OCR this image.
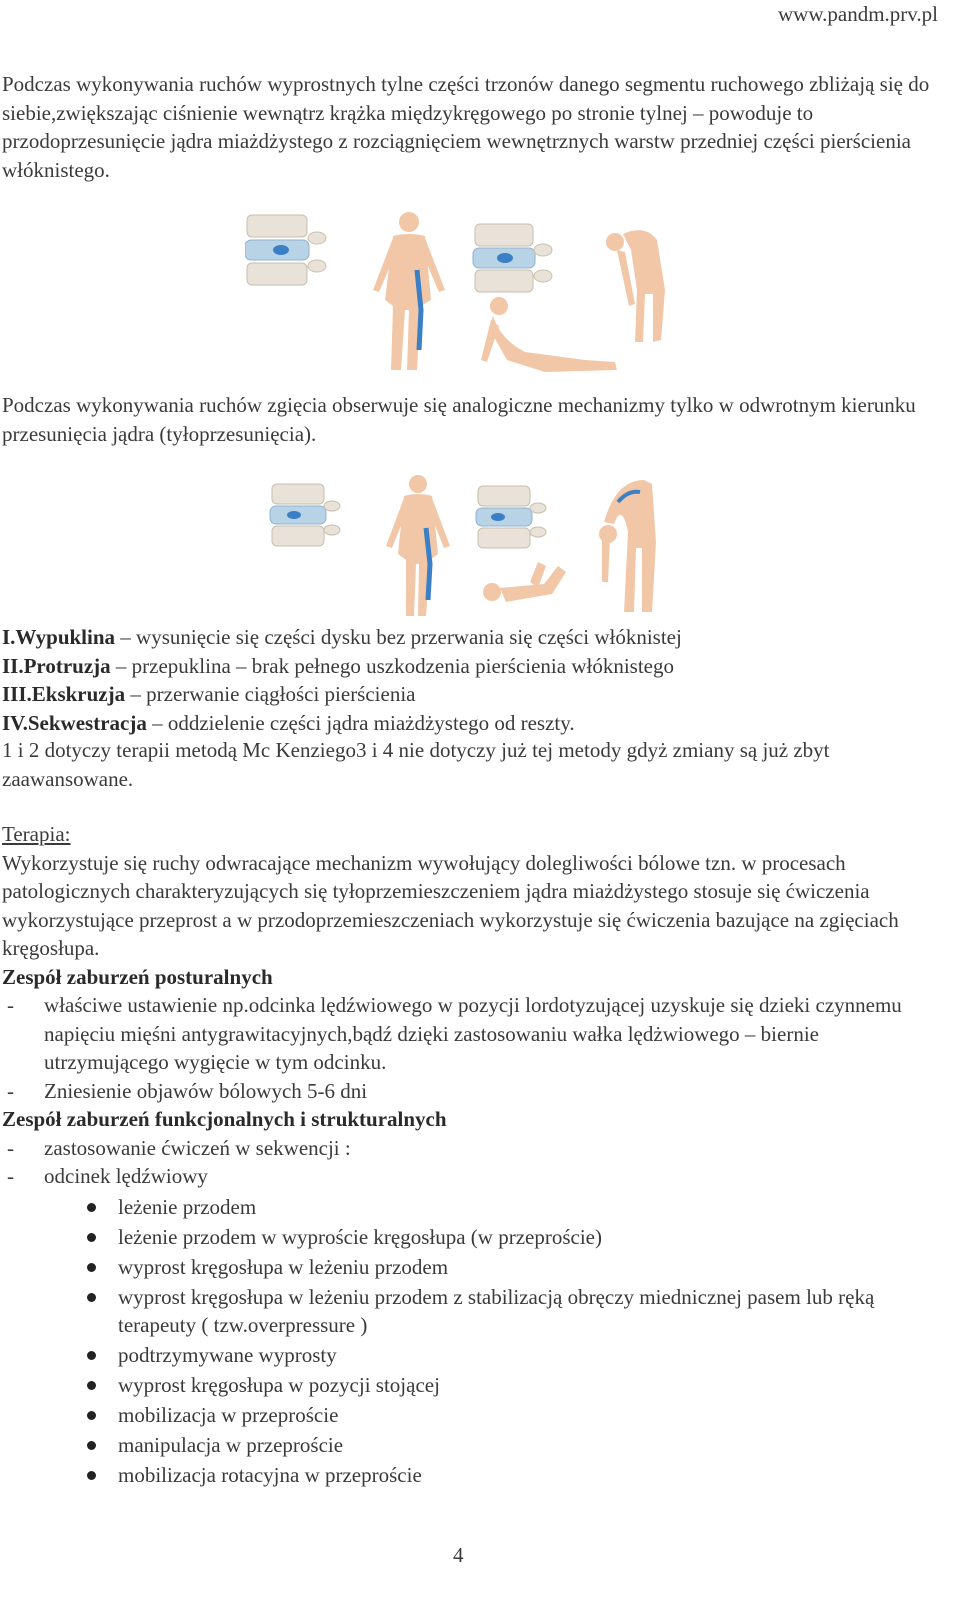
www.pandm.prv.pl

Podczas wykonywania ruchów wyprostnych tylne części trzonów danego segmentu ruchowego zbliżają się do siebie,zwiększając ciśnienie wewnątrz krążka międzykręgowego po stronie tylnej – powoduje to przodoprzesunięcie jądra miażdżystego z rozciągnięciem wewnętrznych warstw przedniej części pierścienia włóknistego.

Podczas wykonywania ruchów zgięcia obserwuje się analogiczne mechanizmy tylko w odwrotnym kierunku przesunięcia jądra (tyłoprzesunięcia).

I.Wypuklina – wysunięcie się części dysku bez przerwania się części włóknistej
II.Protruzja – przepuklina – brak pełnego uszkodzenia pierścienia włóknistego
III.Ekskruzja – przerwanie ciągłości pierścienia
IV.Sekwestracja – oddzielenie części jądra miażdżystego od reszty.
1 i 2 dotyczy terapii metodą Mc Kenziego3 i 4 nie dotyczy już tej metody gdyż zmiany są już zbyt zaawansowane.
Terapia:
Wykorzystuje się ruchy odwracające mechanizm wywołujący dolegliwości bólowe tzn. w procesach patologicznych charakteryzujących się tyłoprzemieszczeniem jądra miażdżystego stosuje się ćwiczenia wykorzystujące przeprost a w przodoprzemieszczeniach wykorzystuje się ćwiczenia bazujące na zgięciach kręgosłupa.
Zespół zaburzeń posturalnych
- właściwe ustawienie np.odcinka lędźwiowego w pozycji lordotyzującej uzyskuje się dzieki czynnemu napięciu mięśni antygrawitacyjnych,bądź dzięki zastosowaniu wałka lędżwiowego – biernie utrzymującego wygięcie w tym odcinku.
- Zniesienie objawów bólowych 5-6 dni
Zespół zaburzeń funkcjonalnych i strukturalnych
- zastosowanie ćwiczeń w sekwencji :
- odcinek lędźwiowy
leżenie przodem
leżenie przodem w wyproście kręgosłupa (w przeproście)
wyprost kręgosłupa w leżeniu przodem
wyprost kręgosłupa w leżeniu przodem z stabilizacją obręczy miednicznej pasem lub ręką terapeuty ( tzw.overpressure )
podtrzymywane wyprosty
wyprost kręgosłupa w pozycji stojącej
mobilizacja w przeproście
manipulacja w przeproście
mobilizacja rotacyjna w przeproście
4
